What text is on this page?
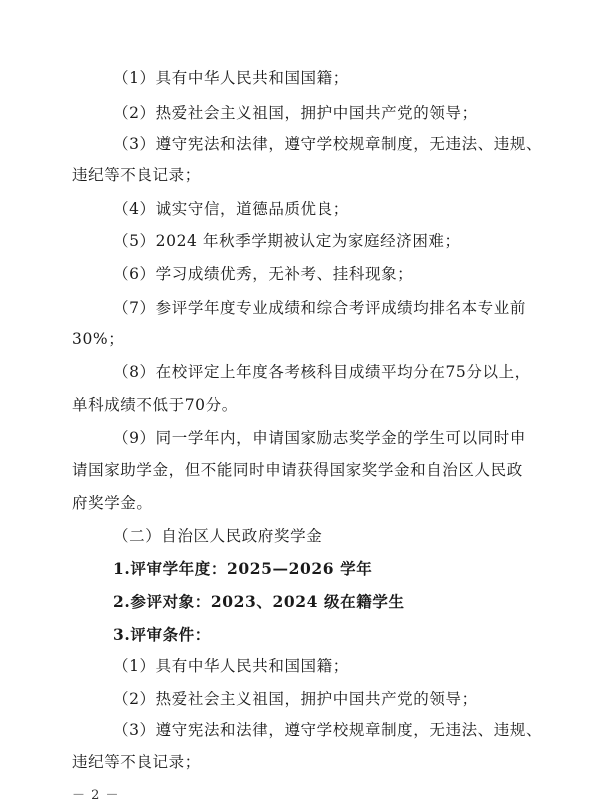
（1）具有中华人民共和国国籍；
（2）热爱社会主义祖国，拥护中国共产党的领导；
（3）遵守宪法和法律，遵守学校规章制度，无违法、违规、
违纪等不良记录；
（4）诚实守信，道德品质优良；
（5）2024 年秋季学期被认定为家庭经济困难；
（6）学习成绩优秀，无补考、挂科现象；
（7）参评学年度专业成绩和综合考评成绩均排名本专业前
30%；
（8）在校评定上年度各考核科目成绩平均分在75分以上，
单科成绩不低于70分。
（9）同一学年内，申请国家励志奖学金的学生可以同时申
请国家助学金，但不能同时申请获得国家奖学金和自治区人民政
府奖学金。
（二）自治区人民政府奖学金
1.评审学年度：2025—2026 学年
2.参评对象：2023、2024 级在籍学生
3.评审条件：
（1）具有中华人民共和国国籍；
（2）热爱社会主义祖国，拥护中国共产党的领导；
（3）遵守宪法和法律，遵守学校规章制度，无违法、违规、
违纪等不良记录；
－ 2 －
